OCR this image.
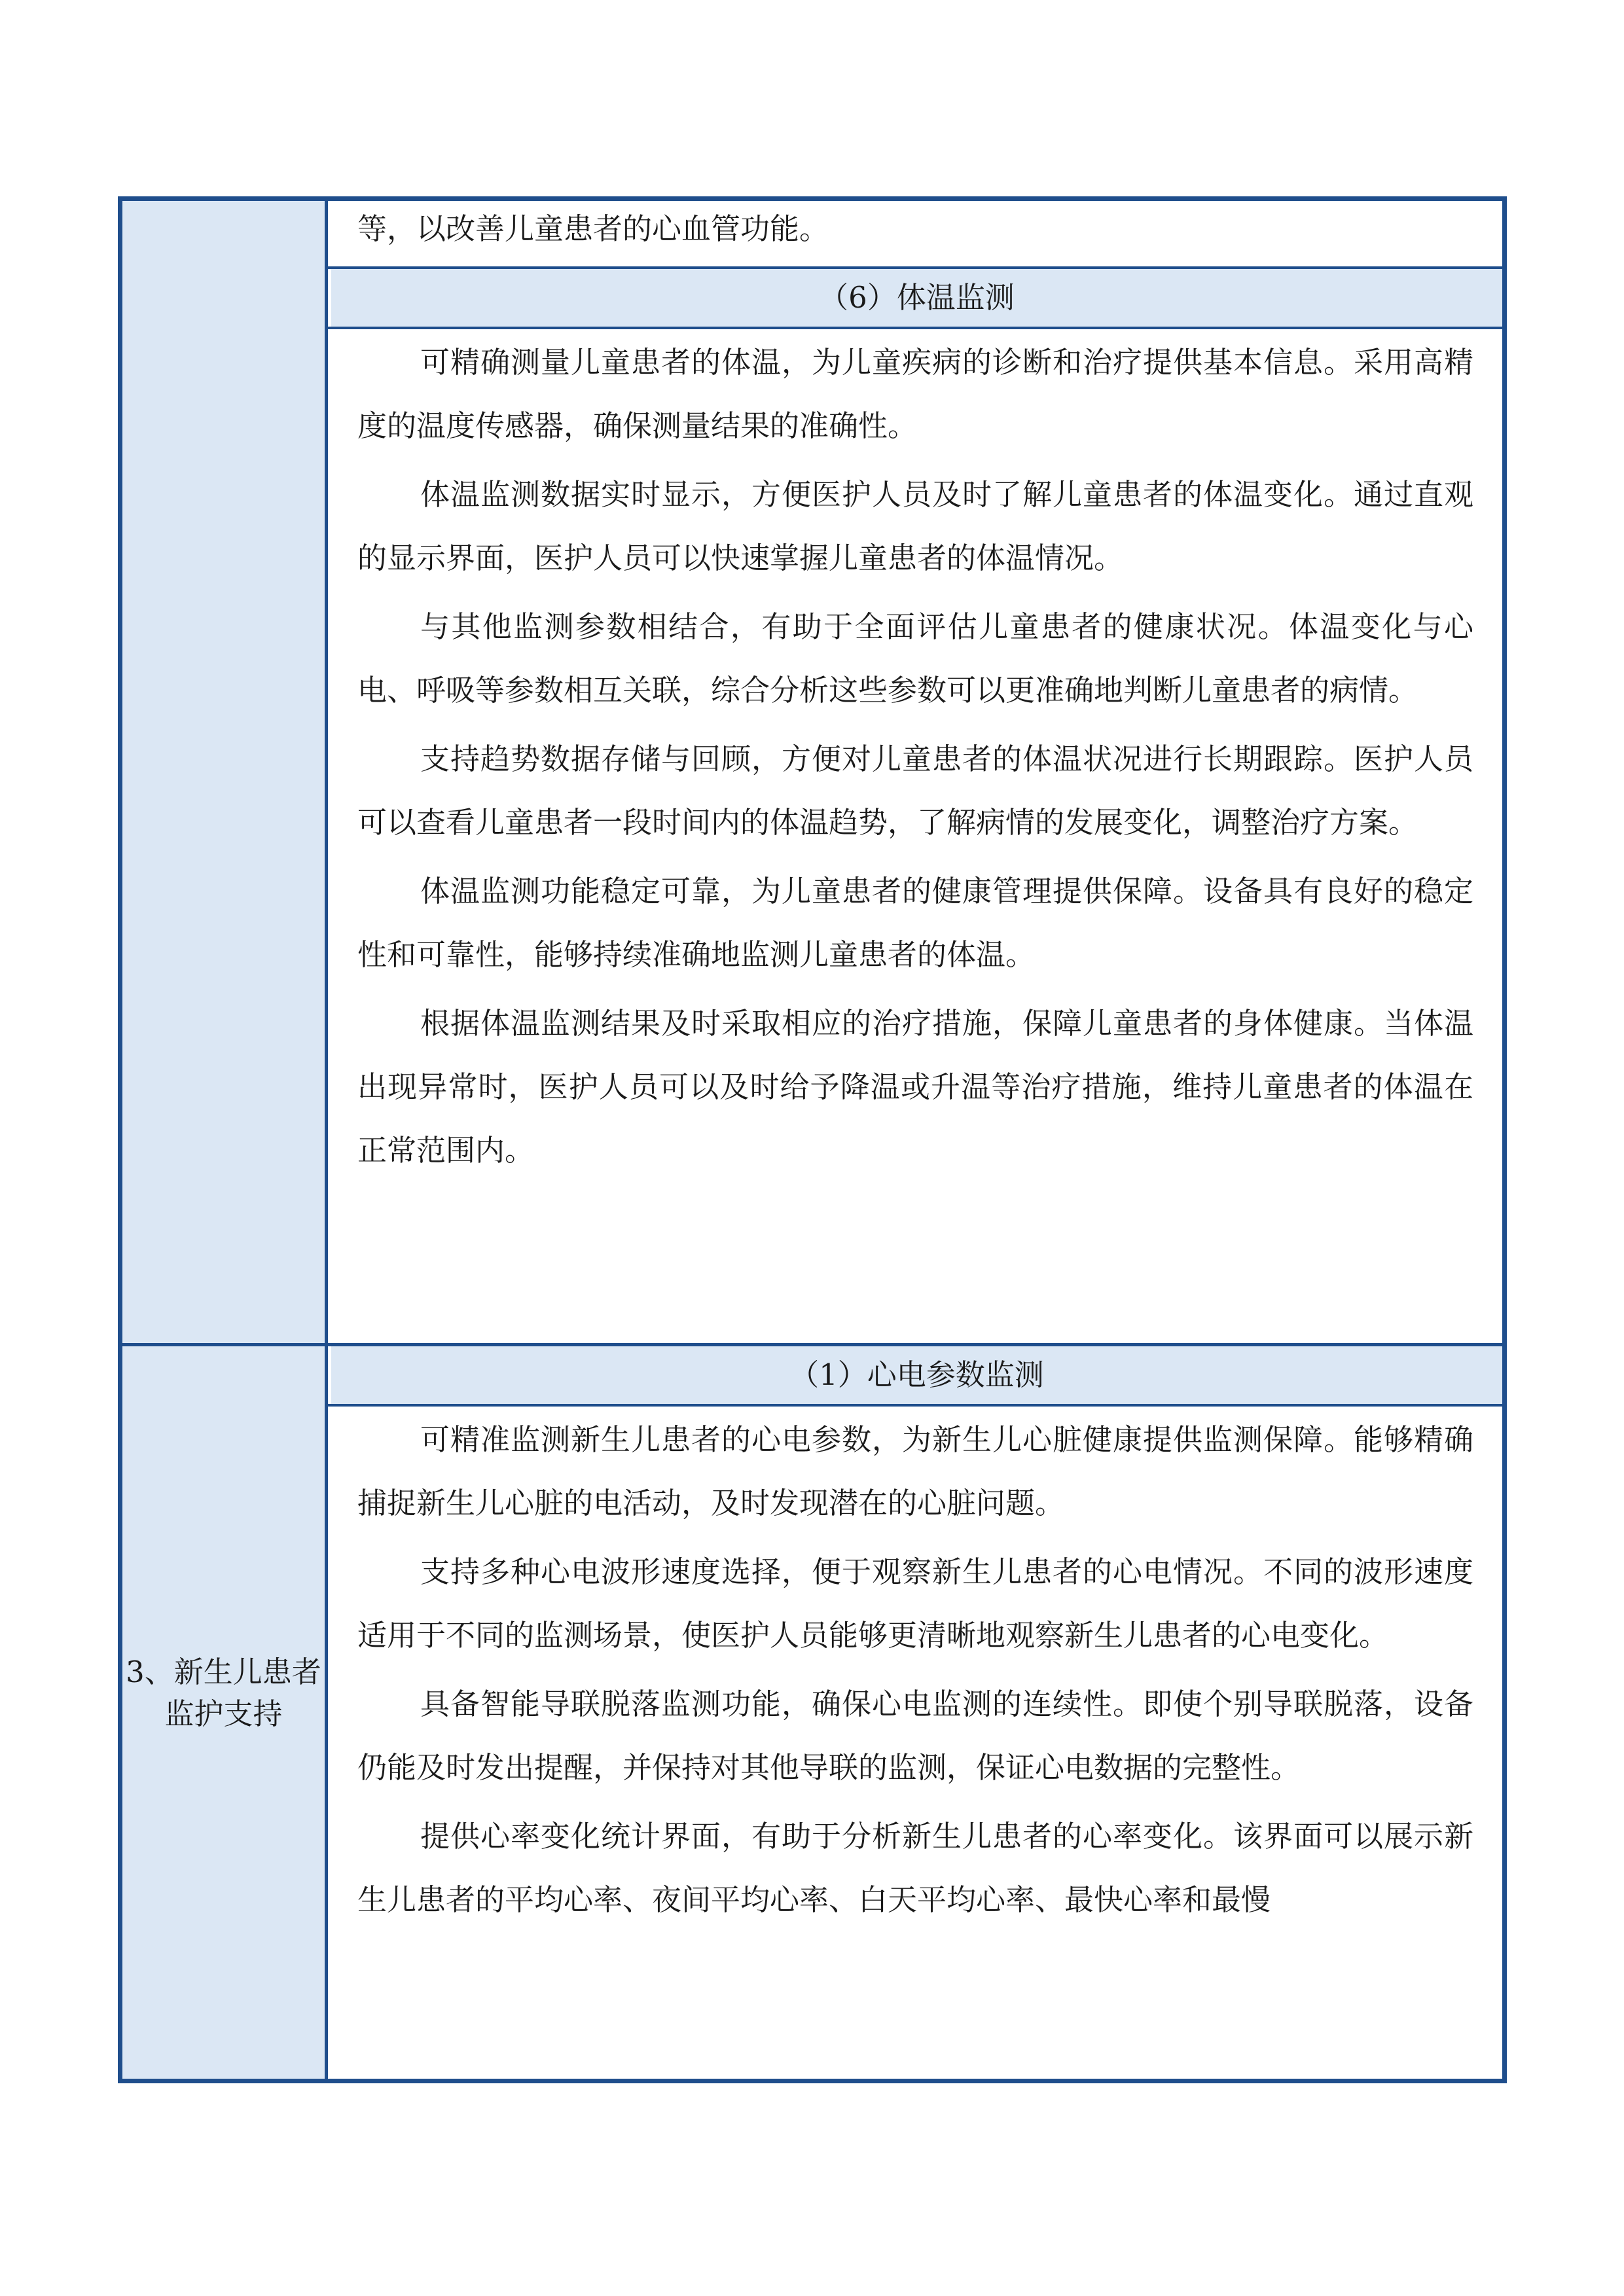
等，以改善儿童患者的心血管功能。

（6）体温监测

可精确测量儿童患者的体温，为儿童疾病的诊断和治疗提供基本信息。采用高精度的温度传感器，确保测量结果的准确性。

体温监测数据实时显示，方便医护人员及时了解儿童患者的体温变化。通过直观的显示界面，医护人员可以快速掌握儿童患者的体温情况。

与其他监测参数相结合，有助于全面评估儿童患者的健康状况。体温变化与心电、呼吸等参数相互关联，综合分析这些参数可以更准确地判断儿童患者的病情。

支持趋势数据存储与回顾，方便对儿童患者的体温状况进行长期跟踪。医护人员可以查看儿童患者一段时间内的体温趋势，了解病情的发展变化，调整治疗方案。

体温监测功能稳定可靠，为儿童患者的健康管理提供保障。设备具有良好的稳定性和可靠性，能够持续准确地监测儿童患者的体温。

根据体温监测结果及时采取相应的治疗措施，保障儿童患者的身体健康。当体温出现异常时，医护人员可以及时给予降温或升温等治疗措施，维持儿童患者的体温在正常范围内。

3、新生儿患者监护支持
（1）心电参数监测

可精准监测新生儿患者的心电参数，为新生儿心脏健康提供监测保障。能够精确捕捉新生儿心脏的电活动，及时发现潜在的心脏问题。

支持多种心电波形速度选择，便于观察新生儿患者的心电情况。不同的波形速度适用于不同的监测场景，使医护人员能够更清晰地观察新生儿患者的心电变化。

具备智能导联脱落监测功能，确保心电监测的连续性。即使个别导联脱落，设备仍能及时发出提醒，并保持对其他导联的监测，保证心电数据的完整性。

提供心率变化统计界面，有助于分析新生儿患者的心率变化。该界面可以展示新生儿患者的平均心率、夜间平均心率、白天平均心率、最快心率和最慢
